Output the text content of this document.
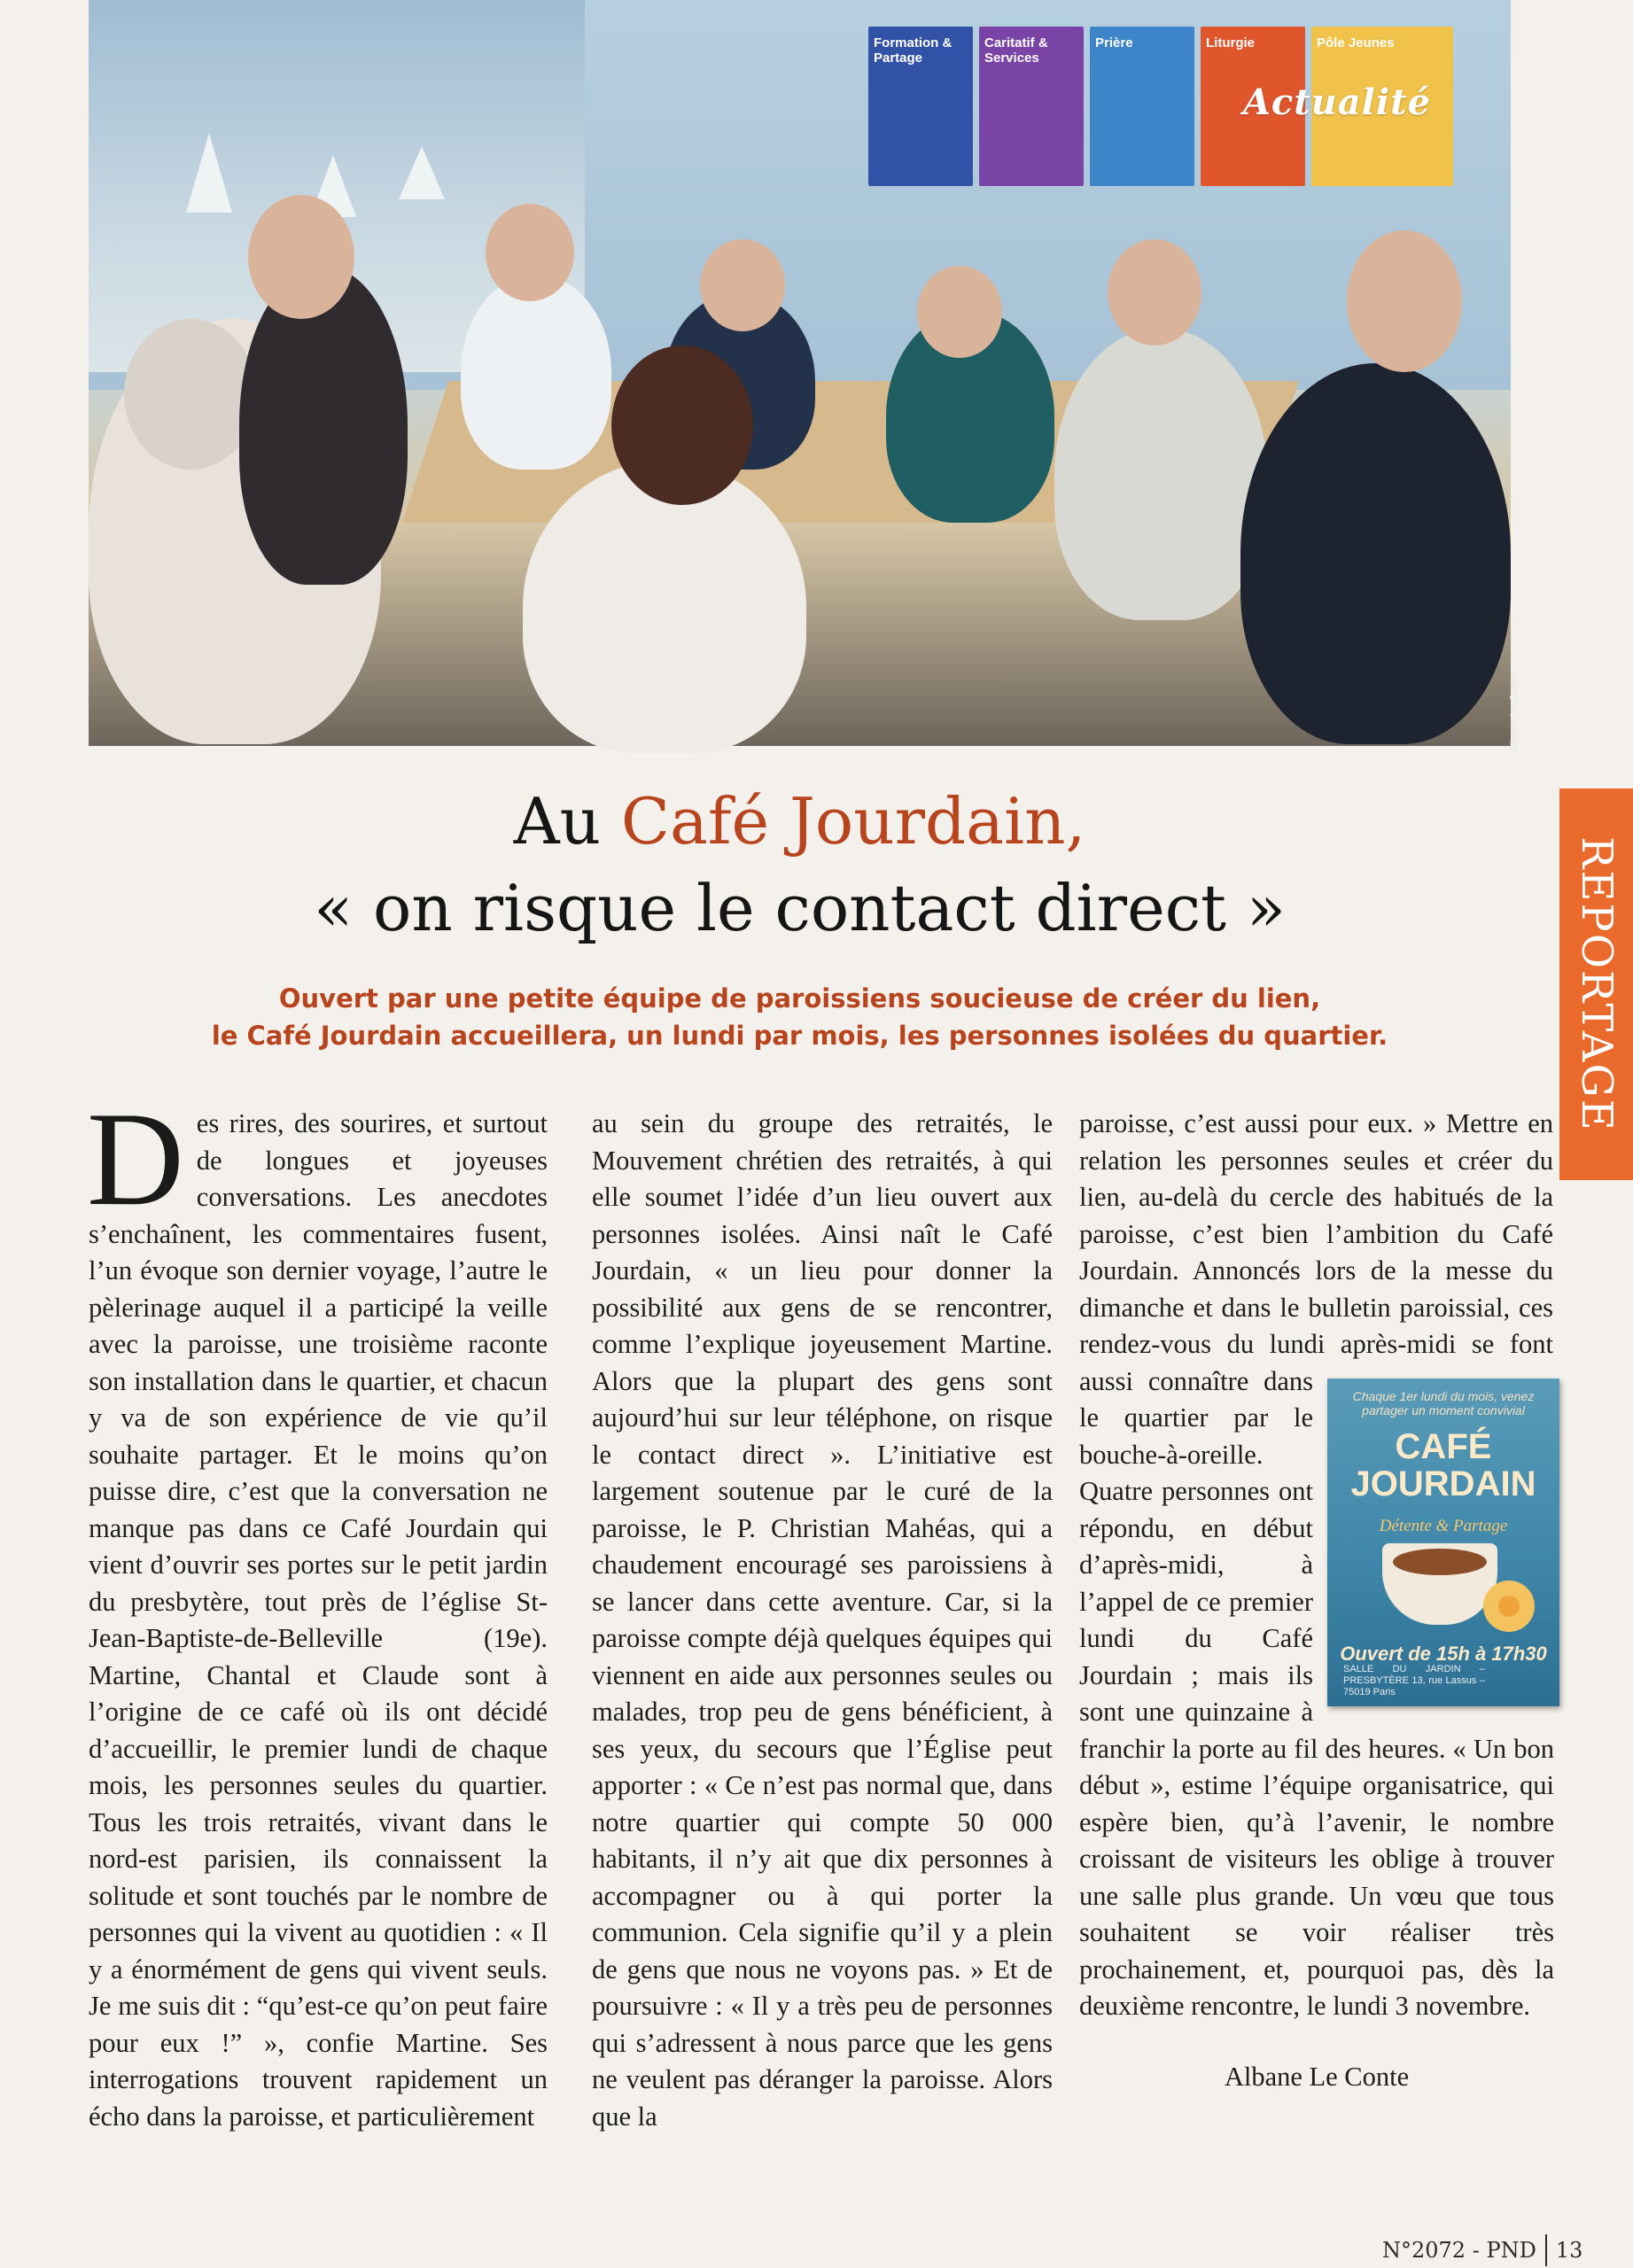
Formation & Partage
Caritatif & Services
Prière	Liturgie	Pôle Jeunes
Actualité
Albane Le Conte
REPORTAGE
Au Café Jourdain,
« on risque le contact direct »
Ouvert par une petite équipe de paroissiens soucieuse de créer du lien,
le Café Jourdain accueillera, un lundi par mois, les personnes isolées du quartier.

Des rires, des sourires, et surtout de longues et joyeuses conversations. Les anecdotes s’enchaînent, les commentaires fusent, l’un évoque son dernier voyage, l’autre le pèlerinage auquel il a participé la veille avec la paroisse, une troisième raconte son installation dans le quartier, et chacun y va de son expérience de vie qu’il souhaite partager. Et le moins qu’on puisse dire, c’est que la conversation ne manque pas dans ce Café Jourdain qui vient d’ouvrir ses portes sur le petit jardin du presbytère, tout près de l’église St-Jean-Baptiste-de-Belleville (19e). Martine, Chantal et Claude sont à l’origine de ce café où ils ont décidé d’accueillir, le premier lundi de chaque mois, les personnes seules du quartier. Tous les trois retraités, vivant dans le nord-est parisien, ils connaissent la solitude et sont touchés par le nombre de personnes qui la vivent au quotidien : « Il y a énormément de gens qui vivent seuls. Je me suis dit : “qu’est-ce qu’on peut faire pour eux !” », confie Martine. Ses interrogations trouvent rapidement un écho dans la paroisse, et particulièrement

au sein du groupe des retraités, le Mouvement chrétien des retraités, à qui elle soumet l’idée d’un lieu ouvert aux personnes isolées. Ainsi naît le Café Jourdain, « un lieu pour donner la possibilité aux gens de se rencontrer, comme l’explique joyeusement Martine. Alors que la plupart des gens sont aujourd’hui sur leur téléphone, on risque le contact direct ». L’initiative est largement soutenue par le curé de la paroisse, le P. Christian Mahéas, qui a chaudement encouragé ses paroissiens à se lancer dans cette aventure. Car, si la paroisse compte déjà quelques équipes qui viennent en aide aux personnes seules ou malades, trop peu de gens bénéficient, à ses yeux, du secours que l’Église peut apporter : « Ce n’est pas normal que, dans notre quartier qui compte 50 000 habitants, il n’y ait que dix personnes à accompagner ou à qui porter la communion. Cela signifie qu’il y a plein de gens que nous ne voyons pas. » Et de poursuivre : « Il y a très peu de personnes qui s’adressent à nous parce que les gens ne veulent pas déranger la paroisse. Alors que la

Chaque 1er lundi du mois, venez partager un moment convivial
CAFÉ JOURDAIN
Détente & Partage
Ouvert de 15h à 17h30
SALLE DU JARDIN – PRESBYTÈRE 13, rue Lassus – 75019 Paris

paroisse, c’est aussi pour eux. » Mettre en relation les personnes seules et créer du lien, au-delà du cercle des habitués de la paroisse, c’est bien l’ambition du Café Jourdain. Annoncés lors de la messe du dimanche et dans le bulletin paroissial, ces rendez-vous du lundi après-midi se font aussi connaître dans le quartier par le bouche-à-oreille. Quatre personnes ont répondu, en début d’après-midi, à l’appel de ce premier lundi du Café Jourdain ; mais ils sont une quinzaine à franchir la porte au fil des heures. « Un bon début », estime l’équipe organisatrice, qui espère bien, qu’à l’avenir, le nombre croissant de visiteurs les oblige à trouver une salle plus grande. Un vœu que tous souhaitent se voir réaliser très prochainement, et, pourquoi pas, dès la deuxième rencontre, le lundi 3 novembre.

Albane Le Conte
N°2072 - PND 13
